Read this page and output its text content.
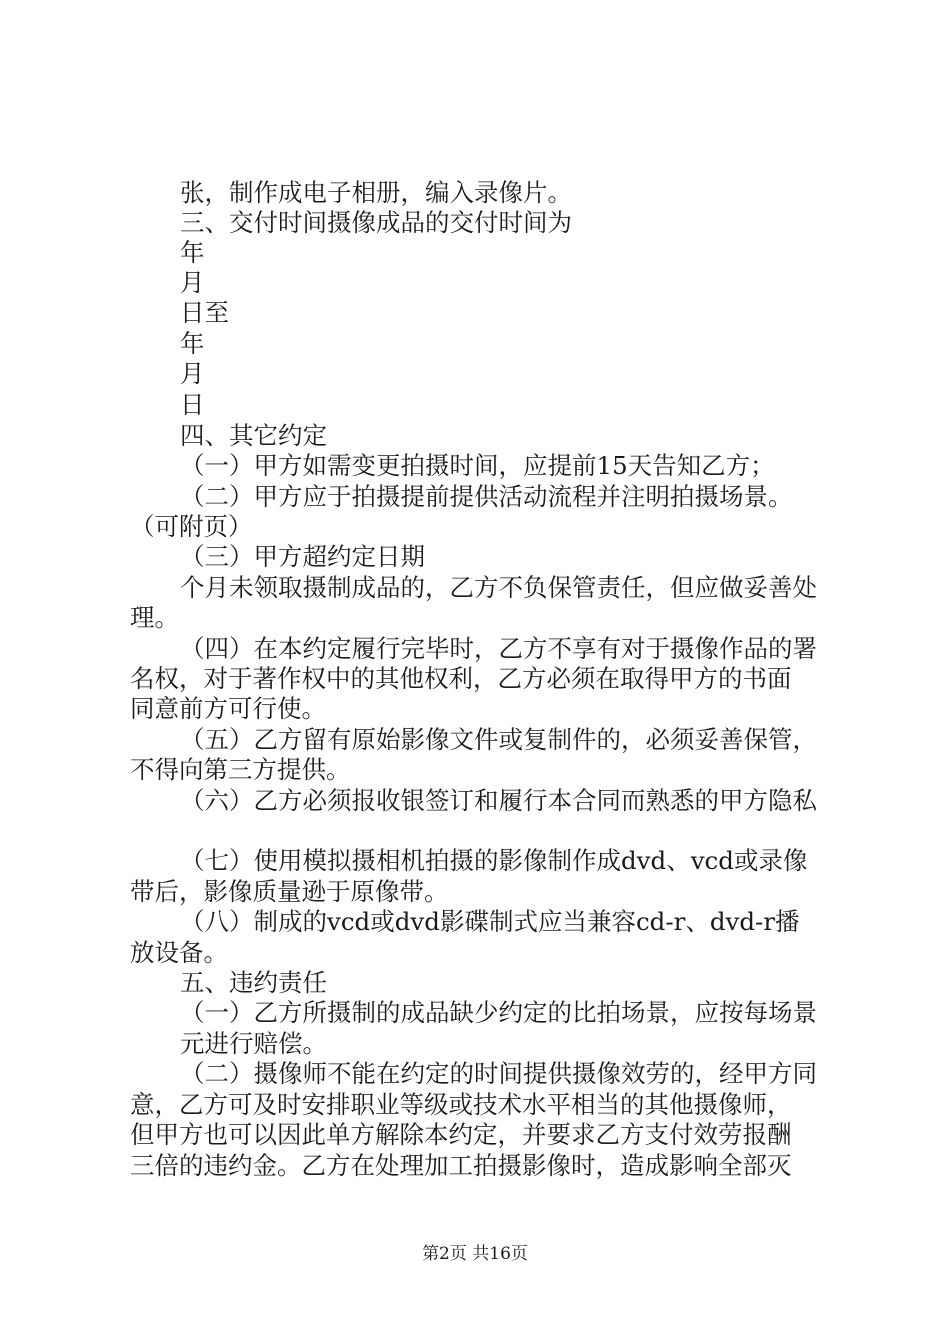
张，制作成电子相册，编入录像片。

三、交付时间摄像成品的交付时间为

年

月

日至

年

月

日

四、其它约定

（一）甲方如需变更拍摄时间，应提前15天告知乙方；

（二）甲方应于拍摄提前提供活动流程并注明拍摄场景。

（可附页）

（三）甲方超约定日期

个月未领取摄制成品的，乙方不负保管责任，但应做妥善处

理。

（四）在本约定履行完毕时，乙方不享有对于摄像作品的署

名权，对于著作权中的其他权利，乙方必须在取得甲方的书面

同意前方可行使。

（五）乙方留有原始影像文件或复制件的，必须妥善保管，

不得向第三方提供。

（六）乙方必须报收银签订和履行本合同而熟悉的甲方隐私

（七）使用模拟摄相机拍摄的影像制作成dvd、vcd或录像

带后，影像质量逊于原像带。

（八）制成的vcd或dvd影碟制式应当兼容cd-r、dvd-r播

放设备。

五、违约责任

（一）乙方所摄制的成品缺少约定的比拍场景，应按每场景

元进行赔偿。

（二）摄像师不能在约定的时间提供摄像效劳的，经甲方同

意，乙方可及时安排职业等级或技术水平相当的其他摄像师，

但甲方也可以因此单方解除本约定，并要求乙方支付效劳报酬

三倍的违约金。乙方在处理加工拍摄影像时，造成影响全部灭

第2页 共16页
